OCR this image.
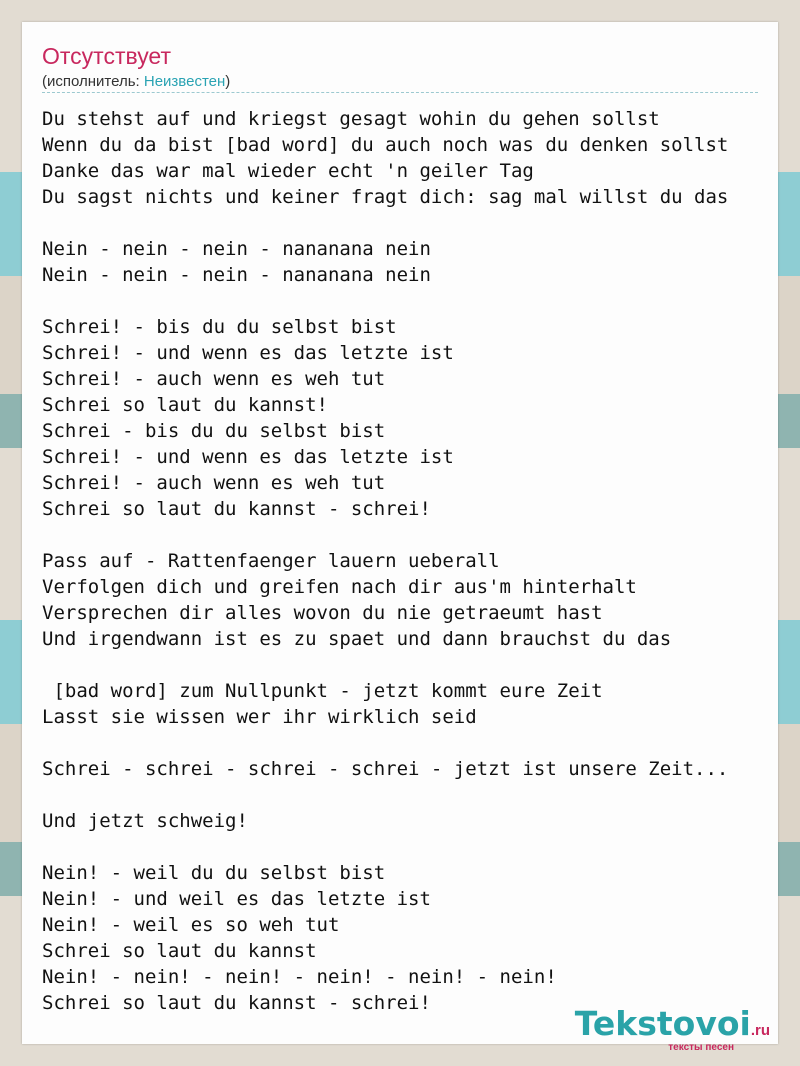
Отсутствует
(исполнитель: Неизвестен)
Du stehst auf und kriegst gesagt wohin du gehen sollst
Wenn du da bist [bad word] du auch noch was du denken sollst
Danke das war mal wieder echt 'n geiler Tag
Du sagst nichts und keiner fragt dich: sag mal willst du das

Nein - nein - nein - nananana nein
Nein - nein - nein - nananana nein

Schrei! - bis du du selbst bist
Schrei! - und wenn es das letzte ist
Schrei! - auch wenn es weh tut
Schrei so laut du kannst!
Schrei - bis du du selbst bist
Schrei! - und wenn es das letzte ist
Schrei! - auch wenn es weh tut
Schrei so laut du kannst - schrei!

Pass auf - Rattenfaenger lauern ueberall
Verfolgen dich und greifen nach dir aus'm hinterhalt
Versprechen dir alles wovon du nie getraeumt hast
Und irgendwann ist es zu spaet und dann brauchst du das

[bad word] zum Nullpunkt - jetzt kommt eure Zeit
Lasst sie wissen wer ihr wirklich seid

Schrei - schrei - schrei - schrei - jetzt ist unsere Zeit...

Und jetzt schweig!

Nein! - weil du du selbst bist
Nein! - und weil es das letzte ist
Nein! - weil es so weh tut
Schrei so laut du kannst
Nein! - nein! - nein! - nein! - nein! - nein!
Schrei so laut du kannst - schrei!
Tekstovoi.ru
тексты песен
